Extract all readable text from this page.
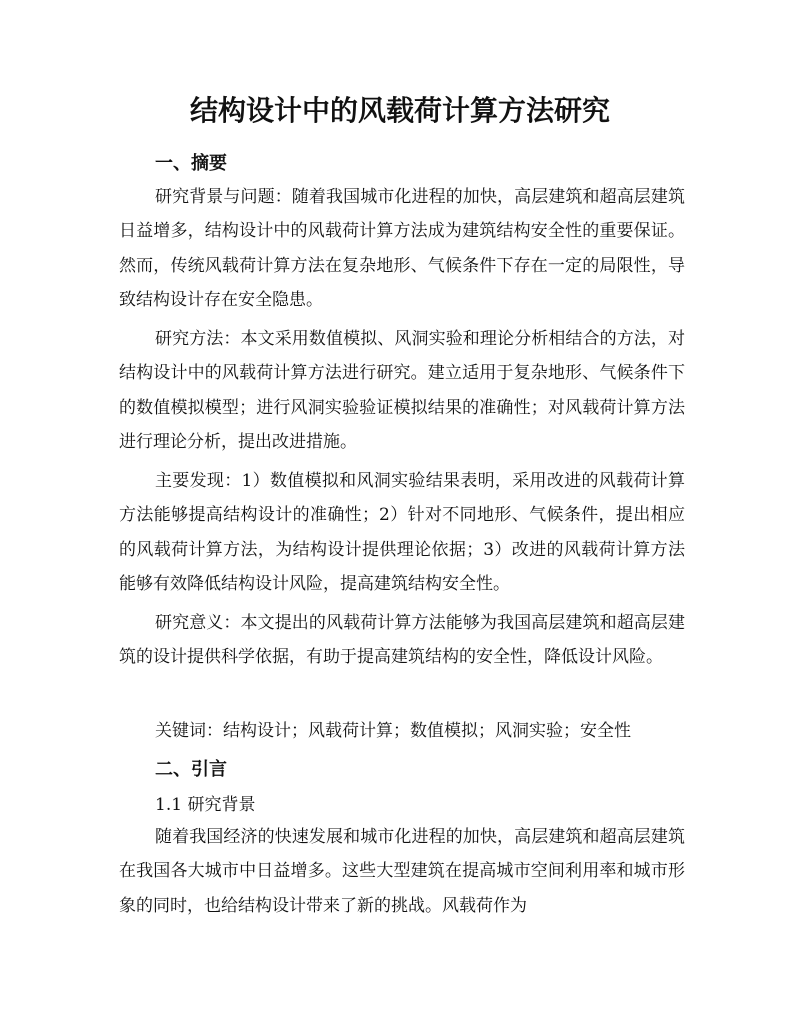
结构设计中的风载荷计算方法研究
一、摘要

研究背景与问题：随着我国城市化进程的加快，高层建筑和超高层建筑日益增多，结构设计中的风载荷计算方法成为建筑结构安全性的重要保证。然而，传统风载荷计算方法在复杂地形、气候条件下存在一定的局限性，导致结构设计存在安全隐患。

研究方法：本文采用数值模拟、风洞实验和理论分析相结合的方法，对结构设计中的风载荷计算方法进行研究。建立适用于复杂地形、气候条件下的数值模拟模型；进行风洞实验验证模拟结果的准确性；对风载荷计算方法进行理论分析，提出改进措施。

主要发现：1）数值模拟和风洞实验结果表明，采用改进的风载荷计算方法能够提高结构设计的准确性；2）针对不同地形、气候条件，提出相应的风载荷计算方法，为结构设计提供理论依据；3）改进的风载荷计算方法能够有效降低结构设计风险，提高建筑结构安全性。

研究意义：本文提出的风载荷计算方法能够为我国高层建筑和超高层建筑的设计提供科学依据，有助于提高建筑结构的安全性，降低设计风险。

关键词：结构设计；风载荷计算；数值模拟；风洞实验；安全性

二、引言

1.1 研究背景

随着我国经济的快速发展和城市化进程的加快，高层建筑和超高层建筑在我国各大城市中日益增多。这些大型建筑在提高城市空间利用率和城市形象的同时，也给结构设计带来了新的挑战。风载荷作为
